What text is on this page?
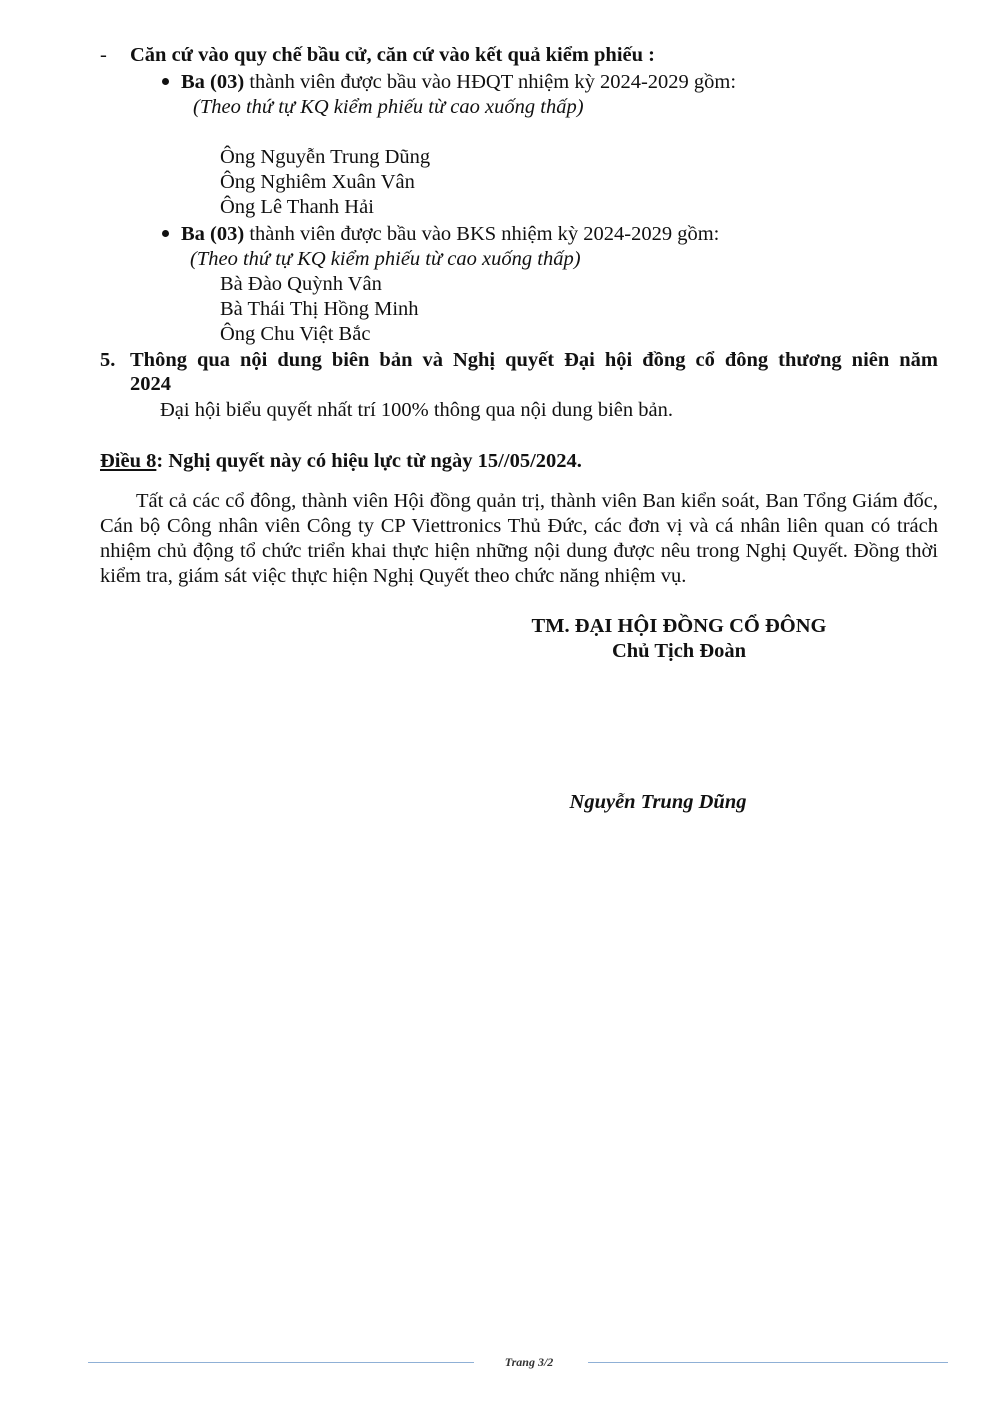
- Căn cứ vào quy chế bầu cử, căn cứ vào kết quả kiểm phiếu :
Ba (03) thành viên được bầu vào HĐQT nhiệm kỳ 2024-2029 gồm:
(Theo thứ tự KQ kiểm phiếu từ cao xuống thấp)
Ông Nguyễn Trung Dũng
Ông Nghiêm Xuân Vân
Ông Lê Thanh Hải
Ba (03) thành viên được bầu vào BKS nhiệm kỳ 2024-2029 gồm:
(Theo thứ tự KQ kiểm phiếu từ cao xuống thấp)
Bà Đào Quỳnh Vân
Bà Thái Thị Hồng Minh
Ông Chu Việt Bắc
5. Thông qua nội dung biên bản và Nghị quyết Đại hội đồng cổ đông thương niên năm
2024
Đại hội biểu quyết nhất trí 100% thông qua nội dung biên bản.
Điều 8: Nghị quyết này có hiệu lực từ ngày 15//05/2024.
Tất cả các cổ đông, thành viên Hội đồng quản trị, thành viên Ban kiển soát, Ban Tổng Giám đốc, Cán bộ Công nhân viên Công ty CP Viettronics Thủ Đức, các đơn vị và cá nhân liên quan có trách nhiệm chủ động tổ chức triển khai thực hiện những nội dung được nêu trong Nghị Quyết. Đồng thời kiểm tra, giám sát việc thực hiện Nghị Quyết theo chức năng nhiệm vụ.
TM. ĐẠI HỘI ĐỒNG CỔ ĐÔNG
Chủ Tịch Đoàn
Nguyễn Trung Dũng
Trang 3/2
